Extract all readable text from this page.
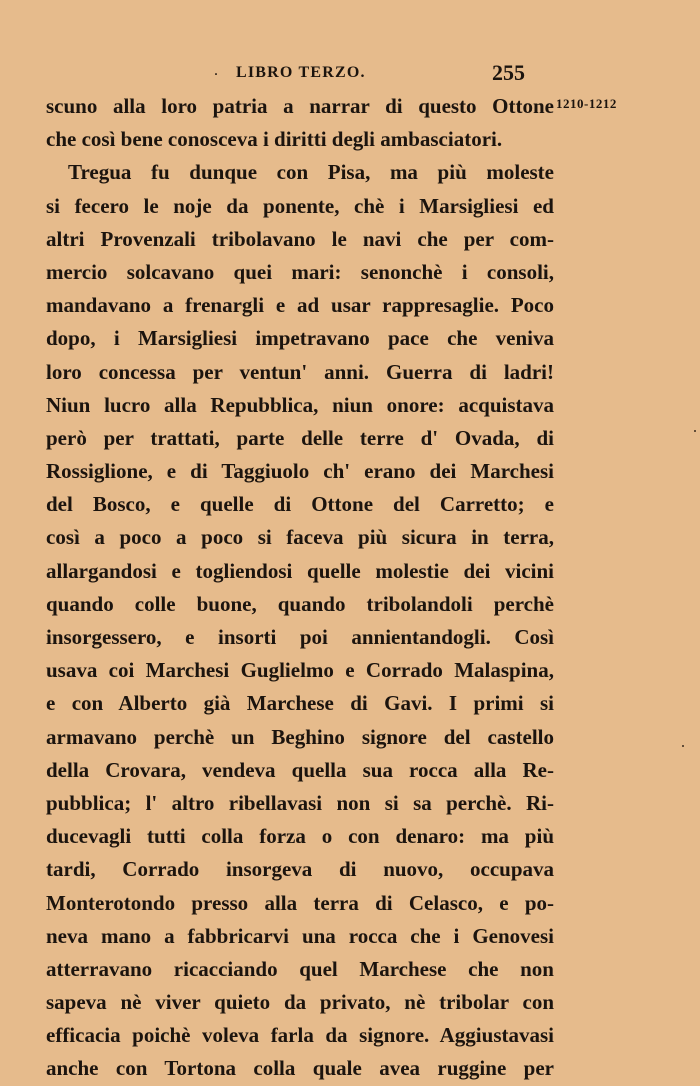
. LIBRO TERZO.	255
1210-1212
scuno alla loro patria a narrar di questo Ottone
che così bene conosceva i diritti degli ambasciatori.
Tregua fu dunque con Pisa, ma più moleste
si fecero le noje da ponente, chè i Marsigliesi ed
altri Provenzali tribolavano le navi che per com-
mercio solcavano quei mari: senonchè i consoli,
mandavano a frenargli e ad usar rappresaglie. Poco
dopo, i Marsigliesi impetravano pace che veniva
loro concessa per ventun' anni. Guerra di ladri!
Niun lucro alla Repubblica, niun onore: acquistava
però per trattati, parte delle terre d' Ovada, di
Rossiglione, e di Taggiuolo ch' erano dei Marchesi
del Bosco, e quelle di Ottone del Carretto; e
così a poco a poco si faceva più sicura in terra,
allargandosi e togliendosi quelle molestie dei vicini
quando colle buone, quando tribolandoli perchè
insorgessero, e insorti poi annientandogli. Così
usava coi Marchesi Guglielmo e Corrado Malaspina,
e con Alberto già Marchese di Gavi. I primi si
armavano perchè un Beghino signore del castello
della Crovara, vendeva quella sua rocca alla Re-
pubblica; l' altro ribellavasi non si sa perchè. Ri-
ducevagli tutti colla forza o con denaro: ma più
tardi, Corrado insorgeva di nuovo, occupava
Monterotondo presso alla terra di Celasco, e po-
neva mano a fabbricarvi una rocca che i Genovesi
atterravano ricacciando quel Marchese che non
sapeva nè viver quieto da privato, nè tribolar con
efficacia poichè voleva farla da signore. Aggiustavasi
anche con Tortona colla quale avea ruggine per
